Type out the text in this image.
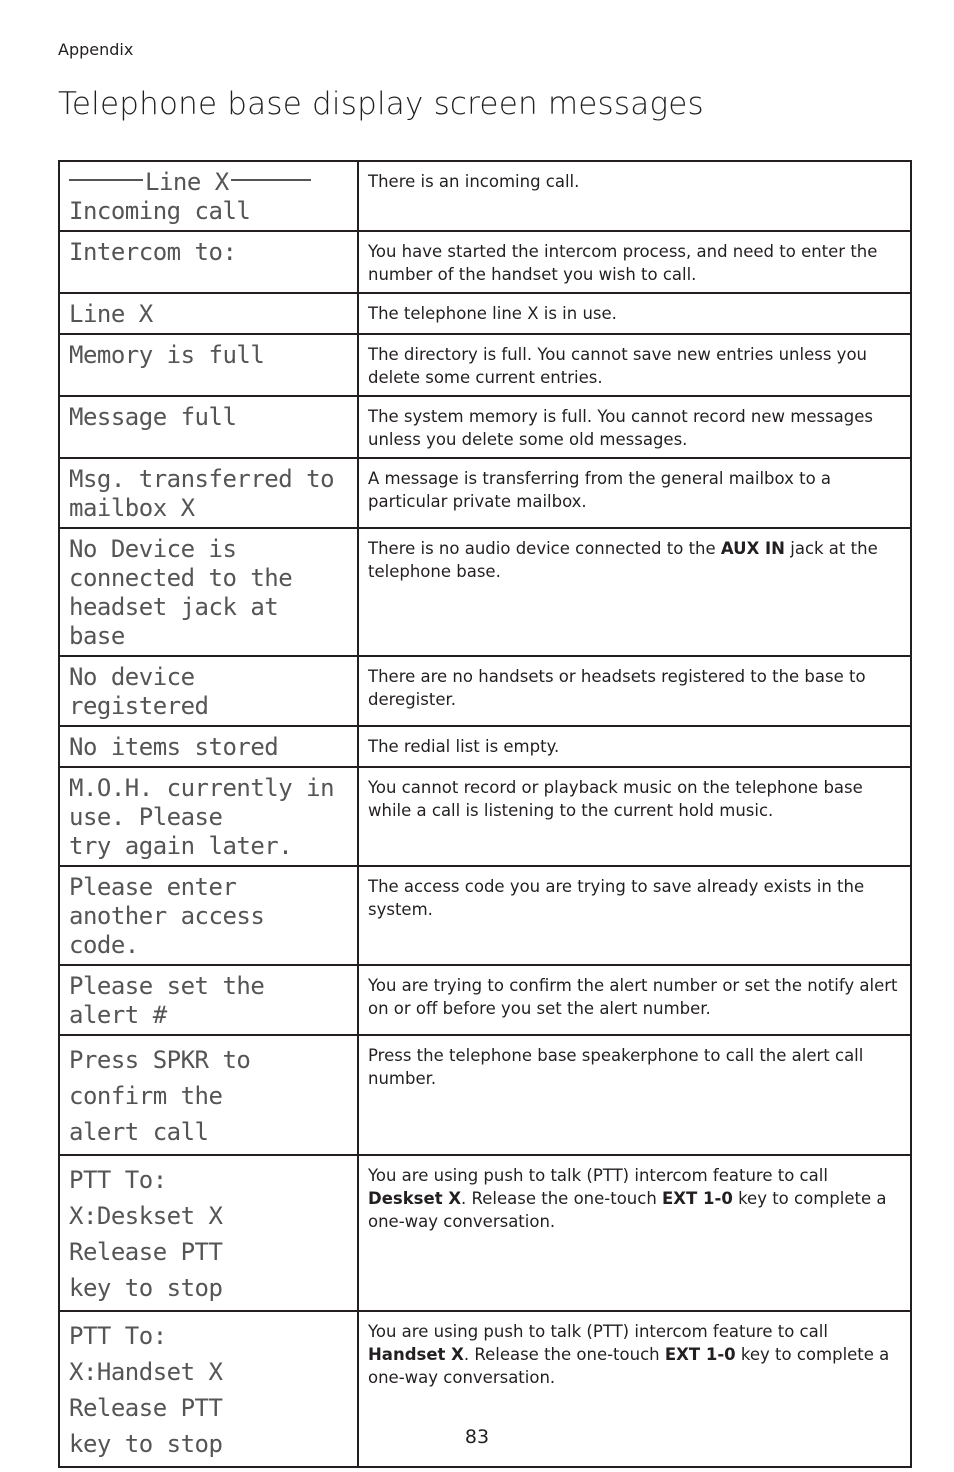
Appendix
Telephone base display screen messages
Line X
Incoming call	There is an incoming call.

Intercom to:	You have started the intercom process, and need to enter the number of the handset you wish to call.

Line X	The telephone line X is in use.

Memory is full	The directory is full. You cannot save new entries unless you delete some current entries.

Message full	The system memory is full. You cannot record new messages unless you delete some old messages.

Msg. transferred to
mailbox X	A message is transferring from the general mailbox to a particular private mailbox.

No Device is
connected to the
headset jack at
base	There is no audio device connected to the AUX IN jack at the telephone base.

No device
registered	There are no handsets or headsets registered to the base to deregister.

No items stored	The redial list is empty.

M.O.H. currently in
use. Please
try again later.	You cannot record or playback music on the telephone base while a call is listening to the current hold music.

Please enter
another access
code.	The access code you are trying to save already exists in the system.

Please set the
alert #	You are trying to confirm the alert number or set the notify alert on or off before you set the alert number.

Press SPKR to
confirm the
alert call	Press the telephone base speakerphone to call the alert call number.

PTT To:
X:Deskset X
Release PTT
key to stop	You are using push to talk (PTT) intercom feature to call Deskset X. Release the one-touch EXT 1-0 key to complete a one-way conversation.

PTT To:
X:Handset X
Release PTT
key to stop	You are using push to talk (PTT) intercom feature to call Handset X. Release the one-touch EXT 1-0 key to complete a one-way conversation.
83
